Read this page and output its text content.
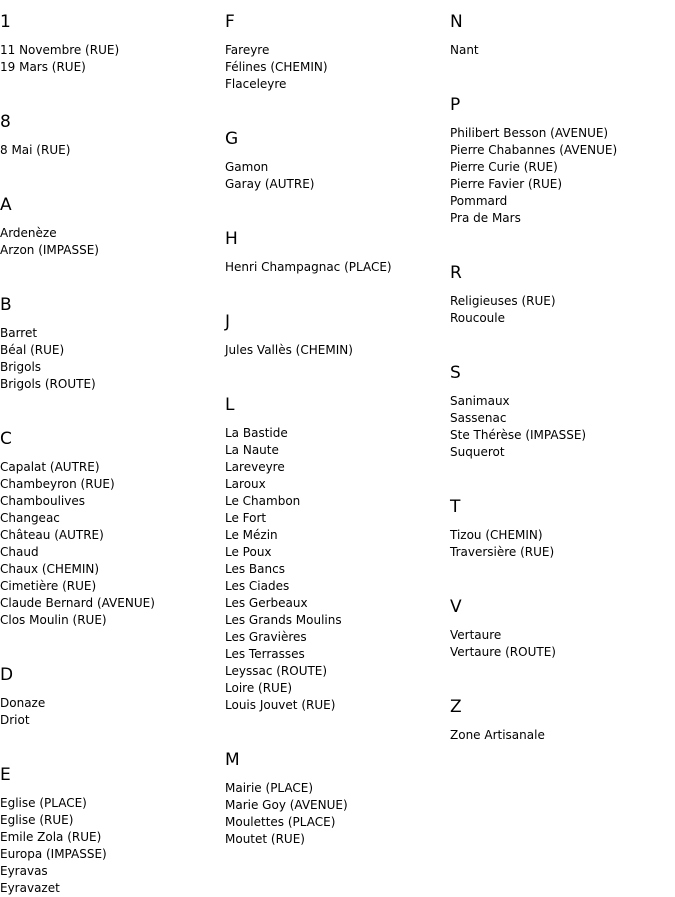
1
11 Novembre (RUE)
19 Mars (RUE)
8
8 Mai (RUE)
A
Ardenèze
Arzon (IMPASSE)
B
Barret
Béal (RUE)
Brigols
Brigols (ROUTE)
C
Capalat (AUTRE)
Chambeyron (RUE)
Chamboulives
Changeac
Château (AUTRE)
Chaud
Chaux (CHEMIN)
Cimetière (RUE)
Claude Bernard (AVENUE)
Clos Moulin (RUE)
D
Donaze
Driot
E
Eglise (PLACE)
Eglise (RUE)
Emile Zola (RUE)
Europa (IMPASSE)
Eyravas
Eyravazet
F
Fareyre
Félines (CHEMIN)
Flaceleyre
G
Gamon
Garay (AUTRE)
H
Henri Champagnac (PLACE)
J
Jules Vallès (CHEMIN)
L
La Bastide
La Naute
Lareveyre
Laroux
Le Chambon
Le Fort
Le Mézin
Le Poux
Les Bancs
Les Ciades
Les Gerbeaux
Les Grands Moulins
Les Gravières
Les Terrasses
Leyssac (ROUTE)
Loire (RUE)
Louis Jouvet (RUE)
M
Mairie (PLACE)
Marie Goy (AVENUE)
Moulettes (PLACE)
Moutet (RUE)
N
Nant
P
Philibert Besson (AVENUE)
Pierre Chabannes (AVENUE)
Pierre Curie (RUE)
Pierre Favier (RUE)
Pommard
Pra de Mars
R
Religieuses (RUE)
Roucoule
S
Sanimaux
Sassenac
Ste Thérèse (IMPASSE)
Suquerot
T
Tizou (CHEMIN)
Traversière (RUE)
V
Vertaure
Vertaure (ROUTE)
Z
Zone Artisanale
